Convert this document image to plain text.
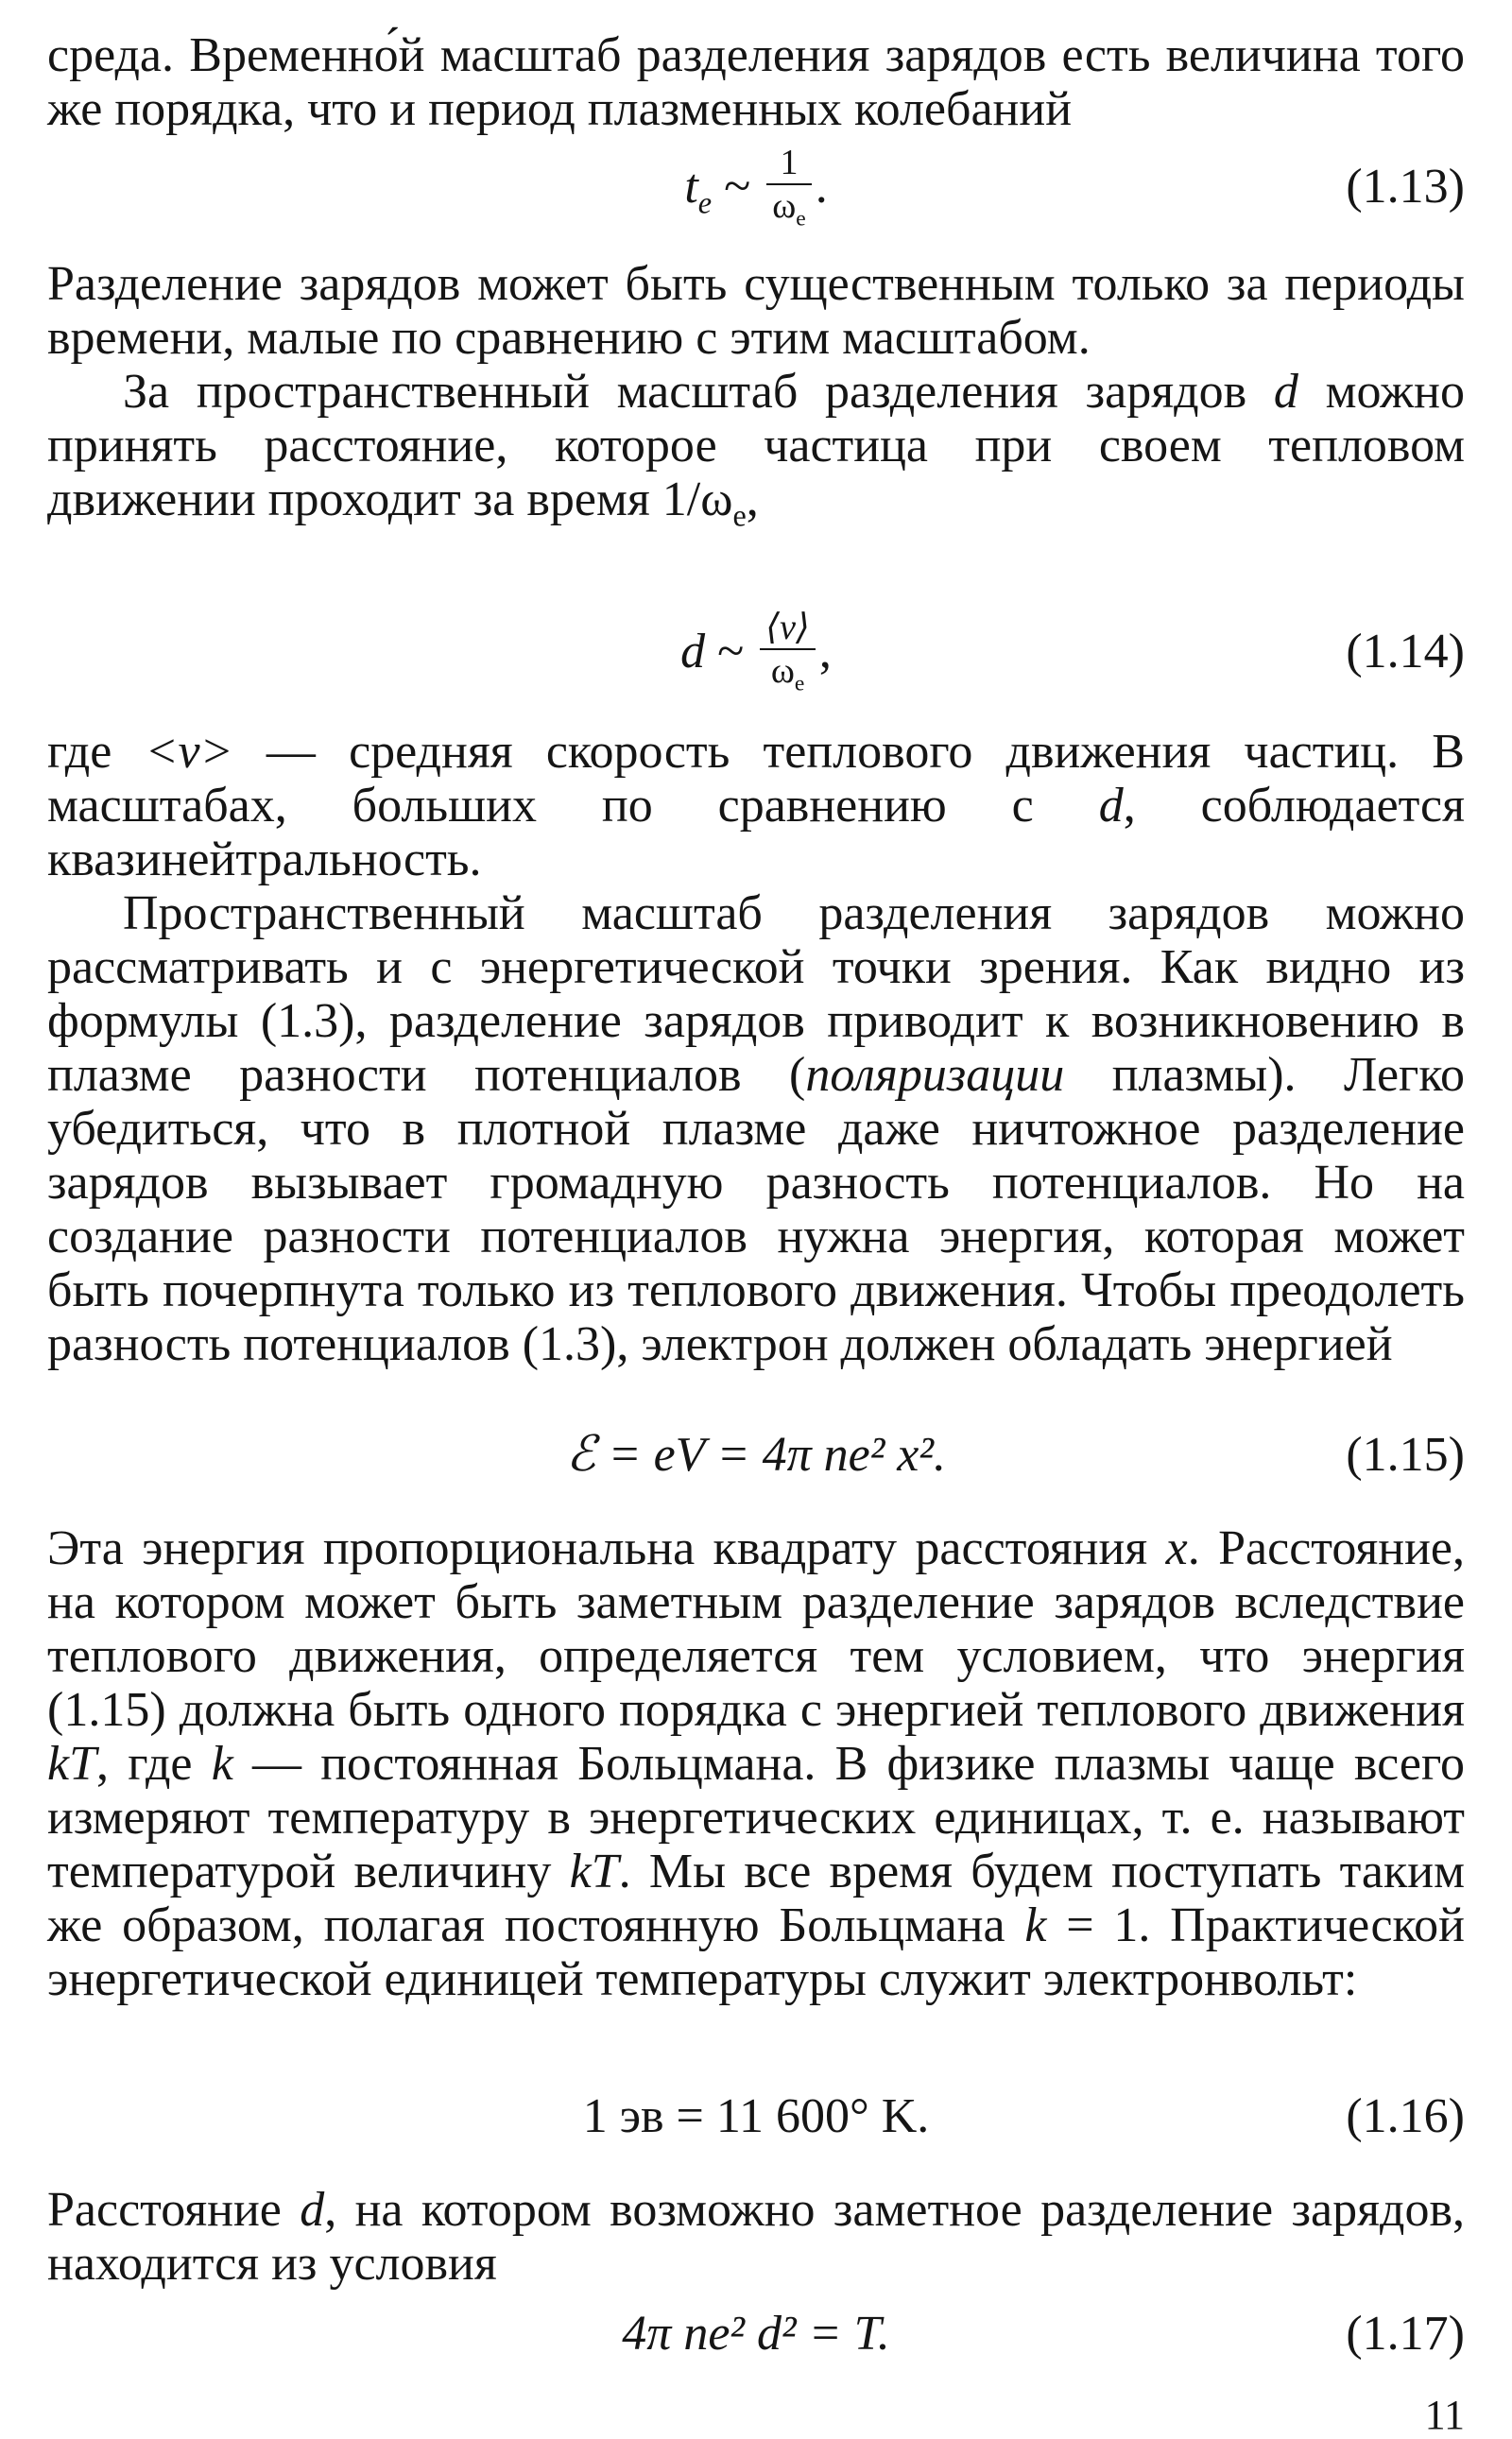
среда. Временно́й масштаб разделения зарядов есть величина того же порядка, что и период плазменных колебаний
$t_e$ ~ $\frac{1}{\omega_e}$ .	(1.13)
Разделение зарядов может быть существенным только за периоды времени, малые по сравнению с этим масштабом.
За пространственный масштаб разделения зарядов d можно принять расстояние, которое частица при своем тепловом движении проходит за время $1/\omega_e$,
d ~ $\frac{⟨v⟩}{\omega_e}$ ,	(1.14)
где <v> — средняя скорость теплового движения частиц. В масштабах, больших по сравнению с d, соблюдается квазинейтральность.
Пространственный масштаб разделения зарядов можно рассматривать и с энергетической точки зрения. Как видно из формулы (1.3), разделение зарядов приводит к возникновению в плазме разности потенциалов (поляризации плазмы). Легко убедиться, что в плотной плазме даже ничтожное разделение зарядов вызывает громадную разность потенциалов. Но на создание разности потенциалов нужна энергия, которая может быть почерпнута только из теплового движения. Чтобы преодолеть разность потенциалов (1.3), электрон должен обладать энергией
ℰ = eV = 4π ne² x².	(1.15)
Эта энергия пропорциональна квадрату расстояния x. Расстояние, на котором может быть заметным разделение зарядов вследствие теплового движения, определяется тем условием, что энергия (1.15) должна быть одного порядка с энергией теплового движения kT, где k — постоянная Больцмана. В физике плазмы чаще всего измеряют температуру в энергетических единицах, т. е. называют температурой величину kT. Мы все время будем поступать таким же образом, полагая постоянную Больцмана k = 1. Практической энергетической единицей температуры служит электронвольт:
1 эв = 11 600° K.	(1.16)
Расстояние d, на котором возможно заметное разделение зарядов, находится из условия
4π ne² d² = T.	(1.17)
11
